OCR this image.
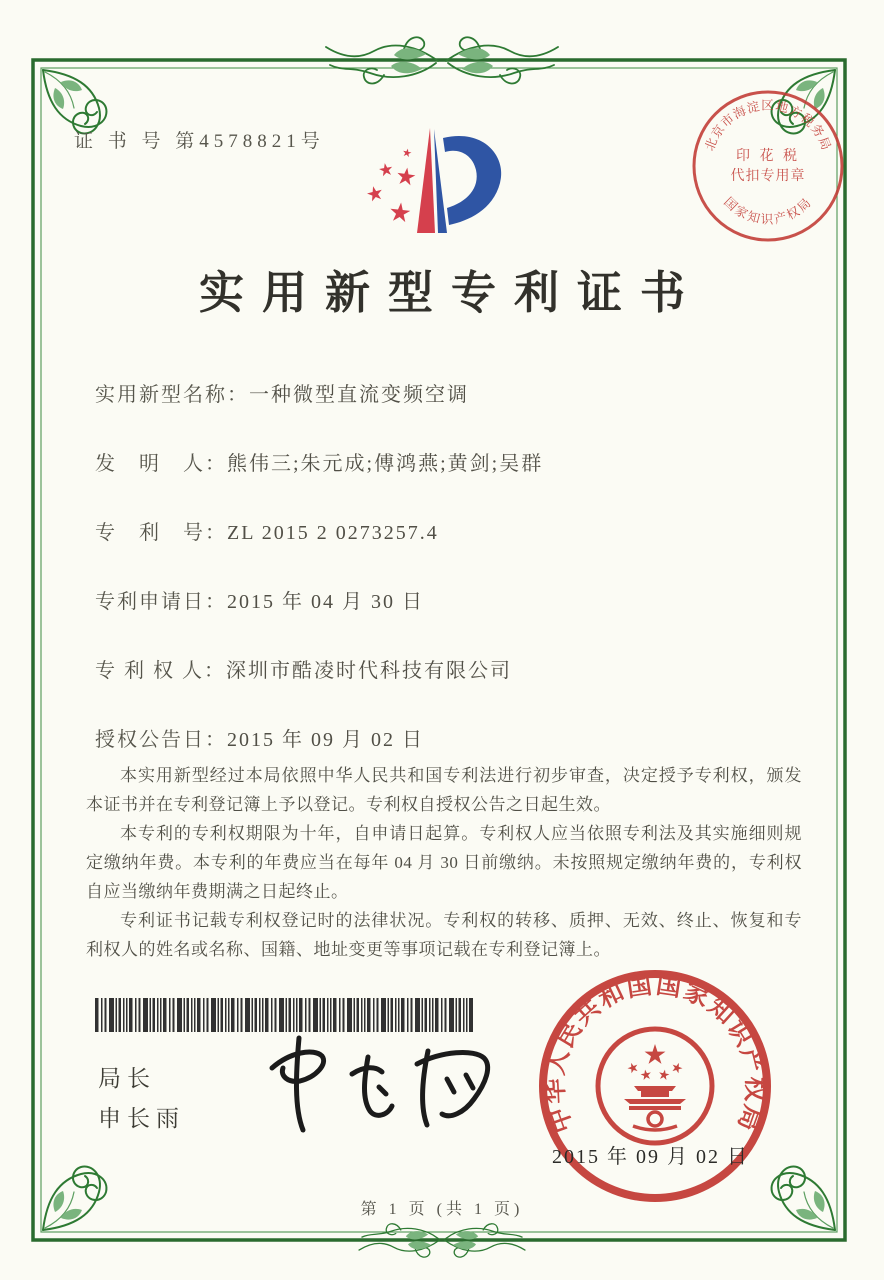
证 书 号 第4578821号	北京市海淀区地方税务局
国家知识产权局
印 花 税
代扣专用章
实用新型专利证书
实用新型名称：一种微型直流变频空调
发　明　人：熊伟三;朱元成;傅鸿燕;黄剑;吴群
专　利　号：ZL 2015 2 0273257.4
专利申请日：2015 年 04 月 30 日
专 利 权 人：深圳市酷凌时代科技有限公司
授权公告日：2015 年 09 月 02 日

本实用新型经过本局依照中华人民共和国专利法进行初步审查，决定授予专利权，颁发本证书并在专利登记簿上予以登记。专利权自授权公告之日起生效。

本专利的专利权期限为十年，自申请日起算。专利权人应当依照专利法及其实施细则规定缴纳年费。本专利的年费应当在每年 04 月 30 日前缴纳。未按照规定缴纳年费的，专利权自应当缴纳年费期满之日起终止。

专利证书记载专利权登记时的法律状况。专利权的转移、质押、无效、终止、恢复和专利权人的姓名或名称、国籍、地址变更等事项记载在专利登记簿上。

局长
申长雨	中华人民共和国国家知识产权局
2015 年 09 月 02 日
第 1 页 (共 1 页)
